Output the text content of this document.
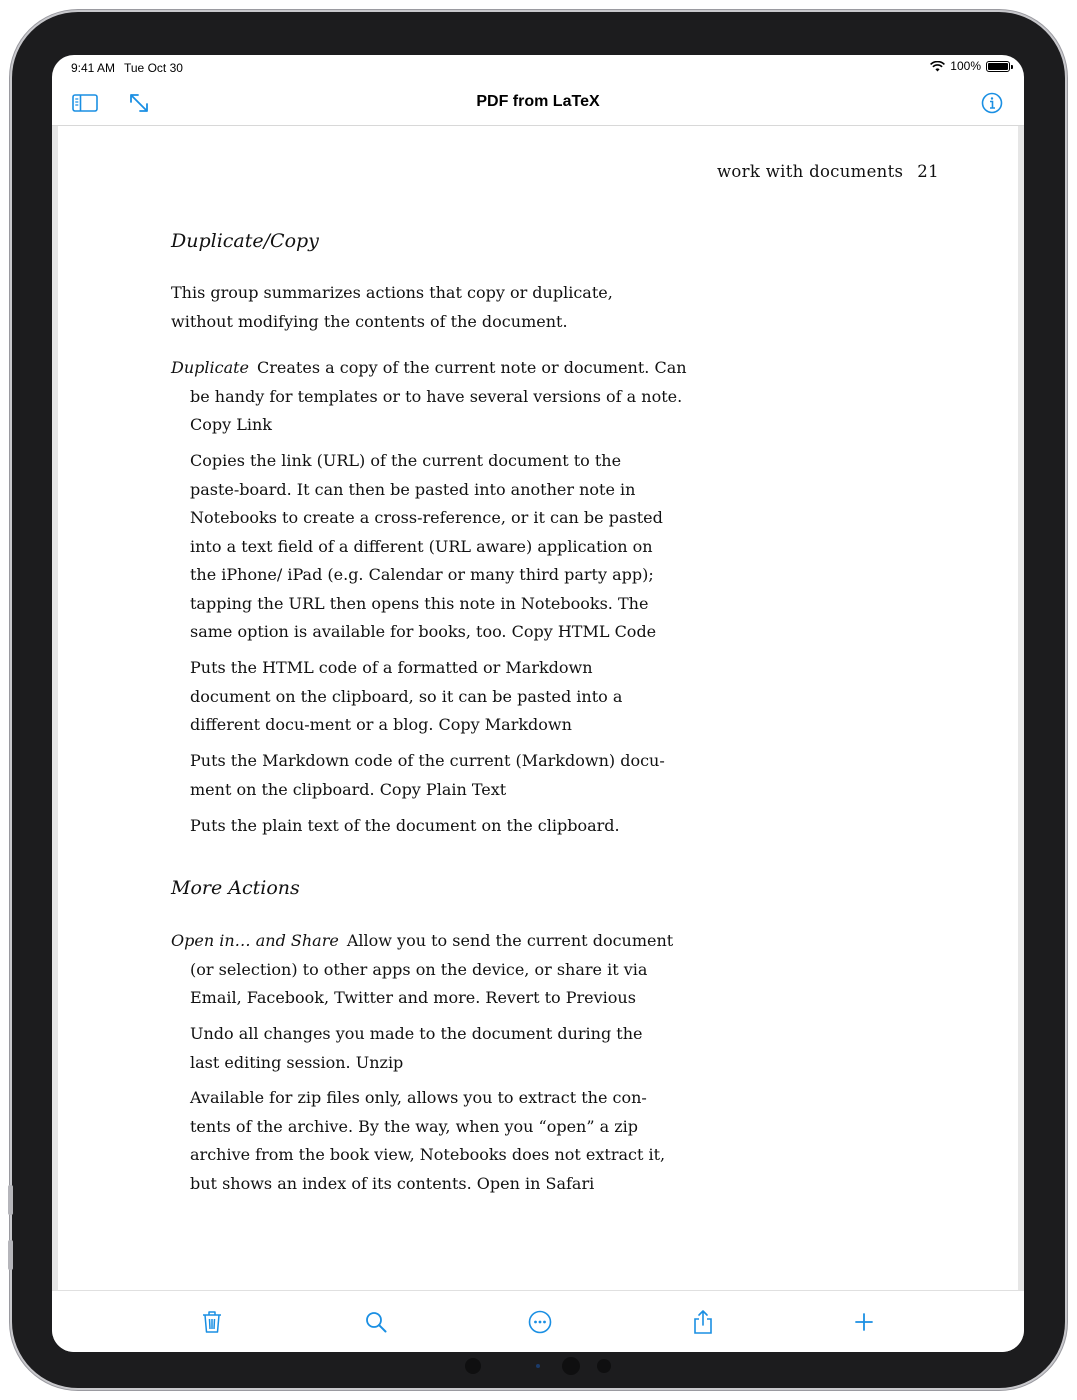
9:41 AM Tue Oct 30	100%
PDF from LaTeX
work with documents 21
Duplicate/Copy

This group summarizes actions that copy or duplicate, without modifying the contents of the document.

Duplicate Creates a copy of the current note or document. Can be handy for templates or to have several versions of a note. Copy Link

Copies the link (URL) of the current document to the paste-board. It can then be pasted into another note in Notebooks to create a cross-reference, or it can be pasted into a text field of a different (URL aware) application on the iPhone/ iPad (e.g. Calendar or many third party app); tapping the URL then opens this note in Notebooks. The same option is available for books, too. Copy HTML Code

Puts the HTML code of a formatted or Markdown document on the clipboard, so it can be pasted into a different docu-ment or a blog. Copy Markdown

Puts the Markdown code of the current (Markdown) docu-ment on the clipboard. Copy Plain Text

Puts the plain text of the document on the clipboard.

More Actions

Open in… and Share Allow you to send the current document (or selection) to other apps on the device, or share it via Email, Facebook, Twitter and more. Revert to Previous

Undo all changes you made to the document during the last editing session. Unzip

Available for zip files only, allows you to extract the con-tents of the archive. By the way, when you “open” a zip archive from the book view, Notebooks does not extract it, but shows an index of its contents. Open in Safari
